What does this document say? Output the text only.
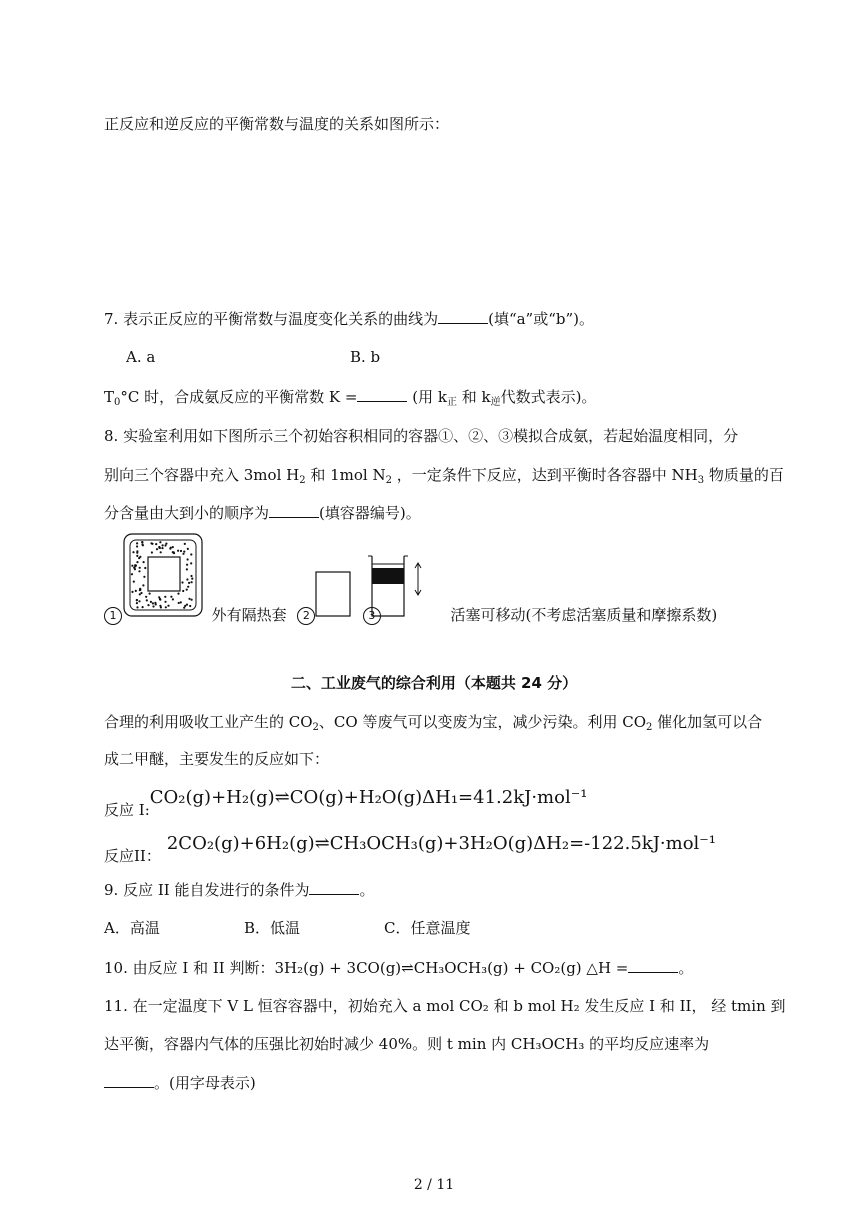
正反应和逆反应的平衡常数与温度的关系如图所示：
7. 表示正反应的平衡常数与温度变化关系的曲线为	(填“a”或“b”)。
A. a	B. b
$T_0^\circ C$ 时，合成氨反应的平衡常数 K =	(用 $k_正$ 和 $k_逆$代数式表示)。
8. 实验室利用如下图所示三个初始容积相同的容器①、②、③模拟合成氨，若起始温度相同，分
别向三个容器中充入 3mol $H_2$ 和 1mol $N_2$ ，一定条件下反应，达到平衡时各容器中 $NH_3$ 物质量的百
分含量由大到小的顺序为	(填容器编号)。
1	外有隔热套 2	3	活塞可移动(不考虑活塞质量和摩擦系数)
二、工业废气的综合利用（本题共 24 分）
合理的利用吸收工业产生的 $CO_2$、CO 等废气可以变废为宝，减少污染。利用 $CO_2$ 催化加氢可以合
成二甲醚，主要发生的反应如下：
反应 I:CO₂(g)+H₂(g)⇌CO(g)+H₂O(g)ΔH₁=41.2kJ·mol⁻¹
反应II：2CO₂(g)+6H₂(g)⇌CH₃OCH₃(g)+3H₂O(g)ΔH₂=-122.5kJ·mol⁻¹
9. 反应 II 能自发进行的条件为	。
A．高温	B．低温	C．任意温度
10. 由反应 I 和 II 判断：3H₂(g) + 3CO(g)⇌CH₃OCH₃(g) + CO₂(g) △H =	。
11. 在一定温度下 V L 恒容容器中，初始充入 a mol CO₂ 和 b mol H₂ 发生反应 I 和 II， 经 tmin 到
达平衡，容器内气体的压强比初始时减少 40%。则 t min 内 CH₃OCH₃ 的平均反应速率为
。(用字母表示)
2 / 11
